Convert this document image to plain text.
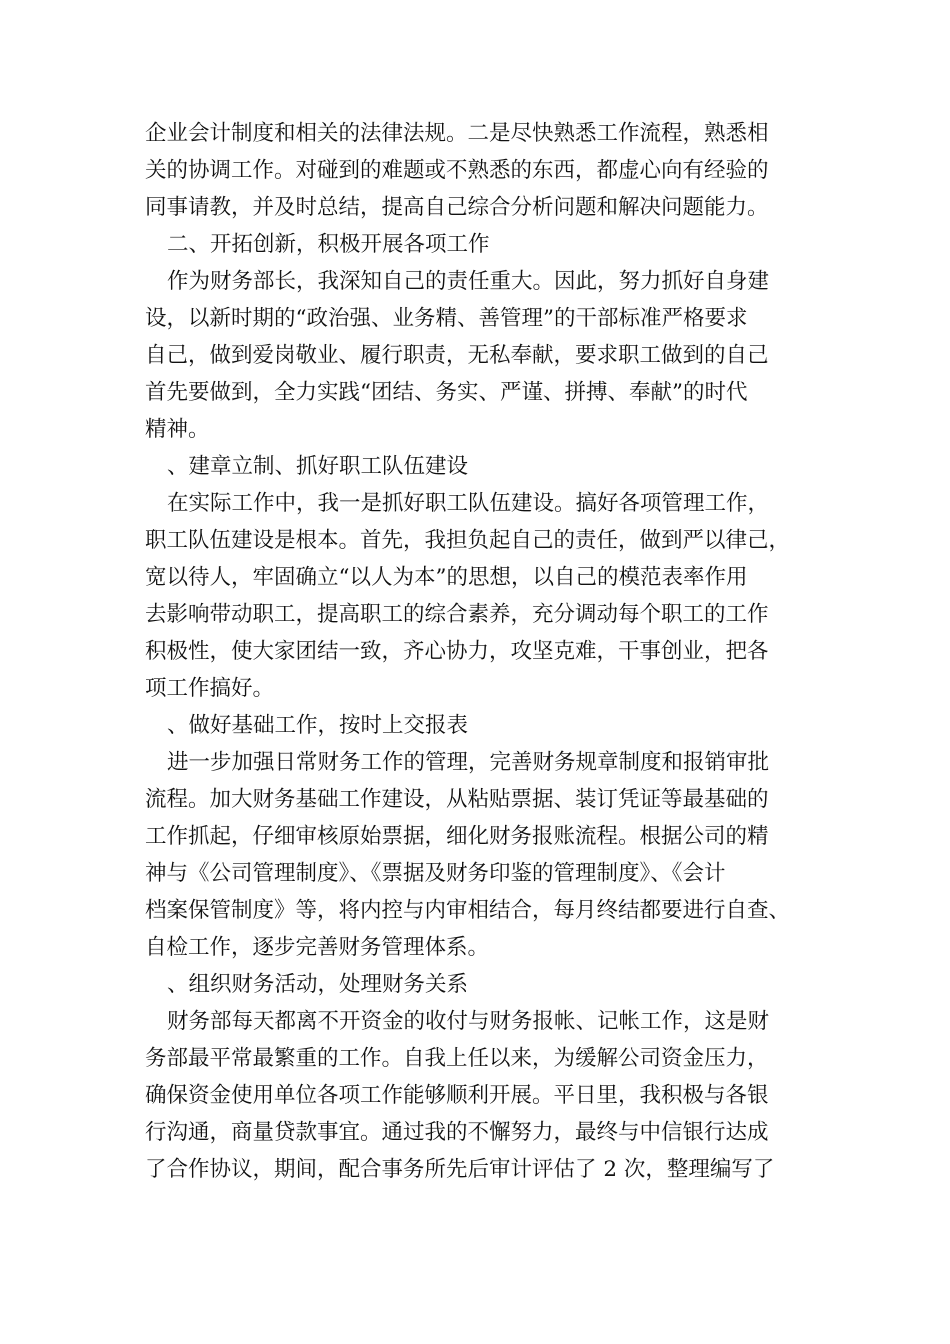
企业会计制度和相关的法律法规。二是尽快熟悉工作流程，熟悉相
关的协调工作。对碰到的难题或不熟悉的东西，都虚心向有经验的
同事请教，并及时总结，提高自己综合分析问题和解决问题能力。
二、开拓创新，积极开展各项工作
作为财务部长，我深知自己的责任重大。因此，努力抓好自身建
设，以新时期的“政治强、业务精、善管理”的干部标准严格要求
自己，做到爱岗敬业、履行职责，无私奉献，要求职工做到的自己
首先要做到，全力实践“团结、务实、严谨、拼搏、奉献”的时代
精神。
、建章立制、抓好职工队伍建设
在实际工作中，我一是抓好职工队伍建设。搞好各项管理工作，
职工队伍建设是根本。首先，我担负起自己的责任，做到严以律己，
宽以待人，牢固确立“以人为本”的思想，以自己的模范表率作用
去影响带动职工，提高职工的综合素养，充分调动每个职工的工作
积极性，使大家团结一致，齐心协力，攻坚克难，干事创业，把各
项工作搞好。
、做好基础工作，按时上交报表
进一步加强日常财务工作的管理，完善财务规章制度和报销审批
流程。加大财务基础工作建设，从粘贴票据、装订凭证等最基础的
工作抓起，仔细审核原始票据，细化财务报账流程。根据公司的精
神与《公司管理制度》、《票据及财务印鉴的管理制度》、《会计
档案保管制度》等，将内控与内审相结合，每月终结都要进行自查、
自检工作，逐步完善财务管理体系。
、组织财务活动，处理财务关系
财务部每天都离不开资金的收付与财务报帐、记帐工作，这是财
务部最平常最繁重的工作。自我上任以来，为缓解公司资金压力，
确保资金使用单位各项工作能够顺利开展。平日里，我积极与各银
行沟通，商量贷款事宜。通过我的不懈努力，最终与中信银行达成
了合作协议，期间，配合事务所先后审计评估了 2 次，整理编写了
